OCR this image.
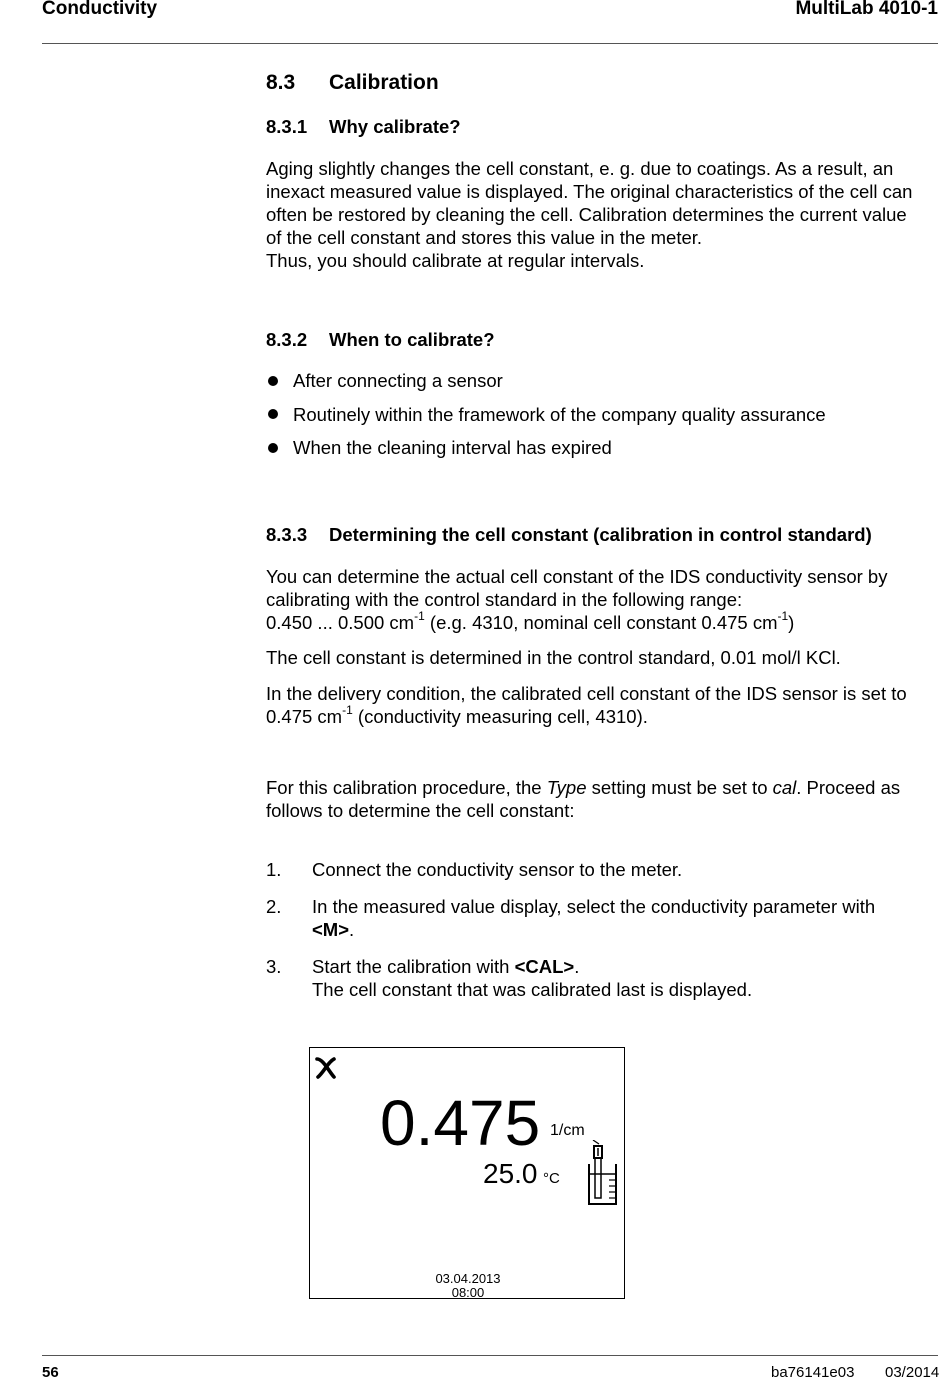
Conductivity	MultiLab 4010-1
8.3 Calibration
8.3.1 Why calibrate?

Aging slightly changes the cell constant, e. g. due to coatings. As a result, an

inexact measured value is displayed. The original characteristics of the cell can

often be restored by cleaning the cell. Calibration determines the current value

of the cell constant and stores this value in the meter.

Thus, you should calibrate at regular intervals.

8.3.2 When to calibrate?
After connecting a sensor
Routinely within the framework of the company quality assurance
When the cleaning interval has expired
8.3.3 Determining the cell constant (calibration in control standard)

You can determine the actual cell constant of the IDS conductivity sensor by

calibrating with the control standard in the following range:

0.450 ... 0.500 $cm^{-1}$ (e.g. 4310, nominal cell constant 0.475 $cm^{-1}$)

The cell constant is determined in the control standard, 0.01 mol/l KCl.

In the delivery condition, the calibrated cell constant of the IDS sensor is set to

0.475 $cm^{-1}$ (conductivity measuring cell, 4310).

For this calibration procedure, the Type setting must be set to cal. Proceed as

follows to determine the cell constant:

1. Connect the conductivity sensor to the meter.
2. In the measured value display, select the conductivity parameter with
<M>.
3. Start the calibration with <CAL>.
The cell constant that was calibrated last is displayed.
0.475 1/cm
25.0 °C
03.04.2013
08:00
56	ba76141e03 03/2014
